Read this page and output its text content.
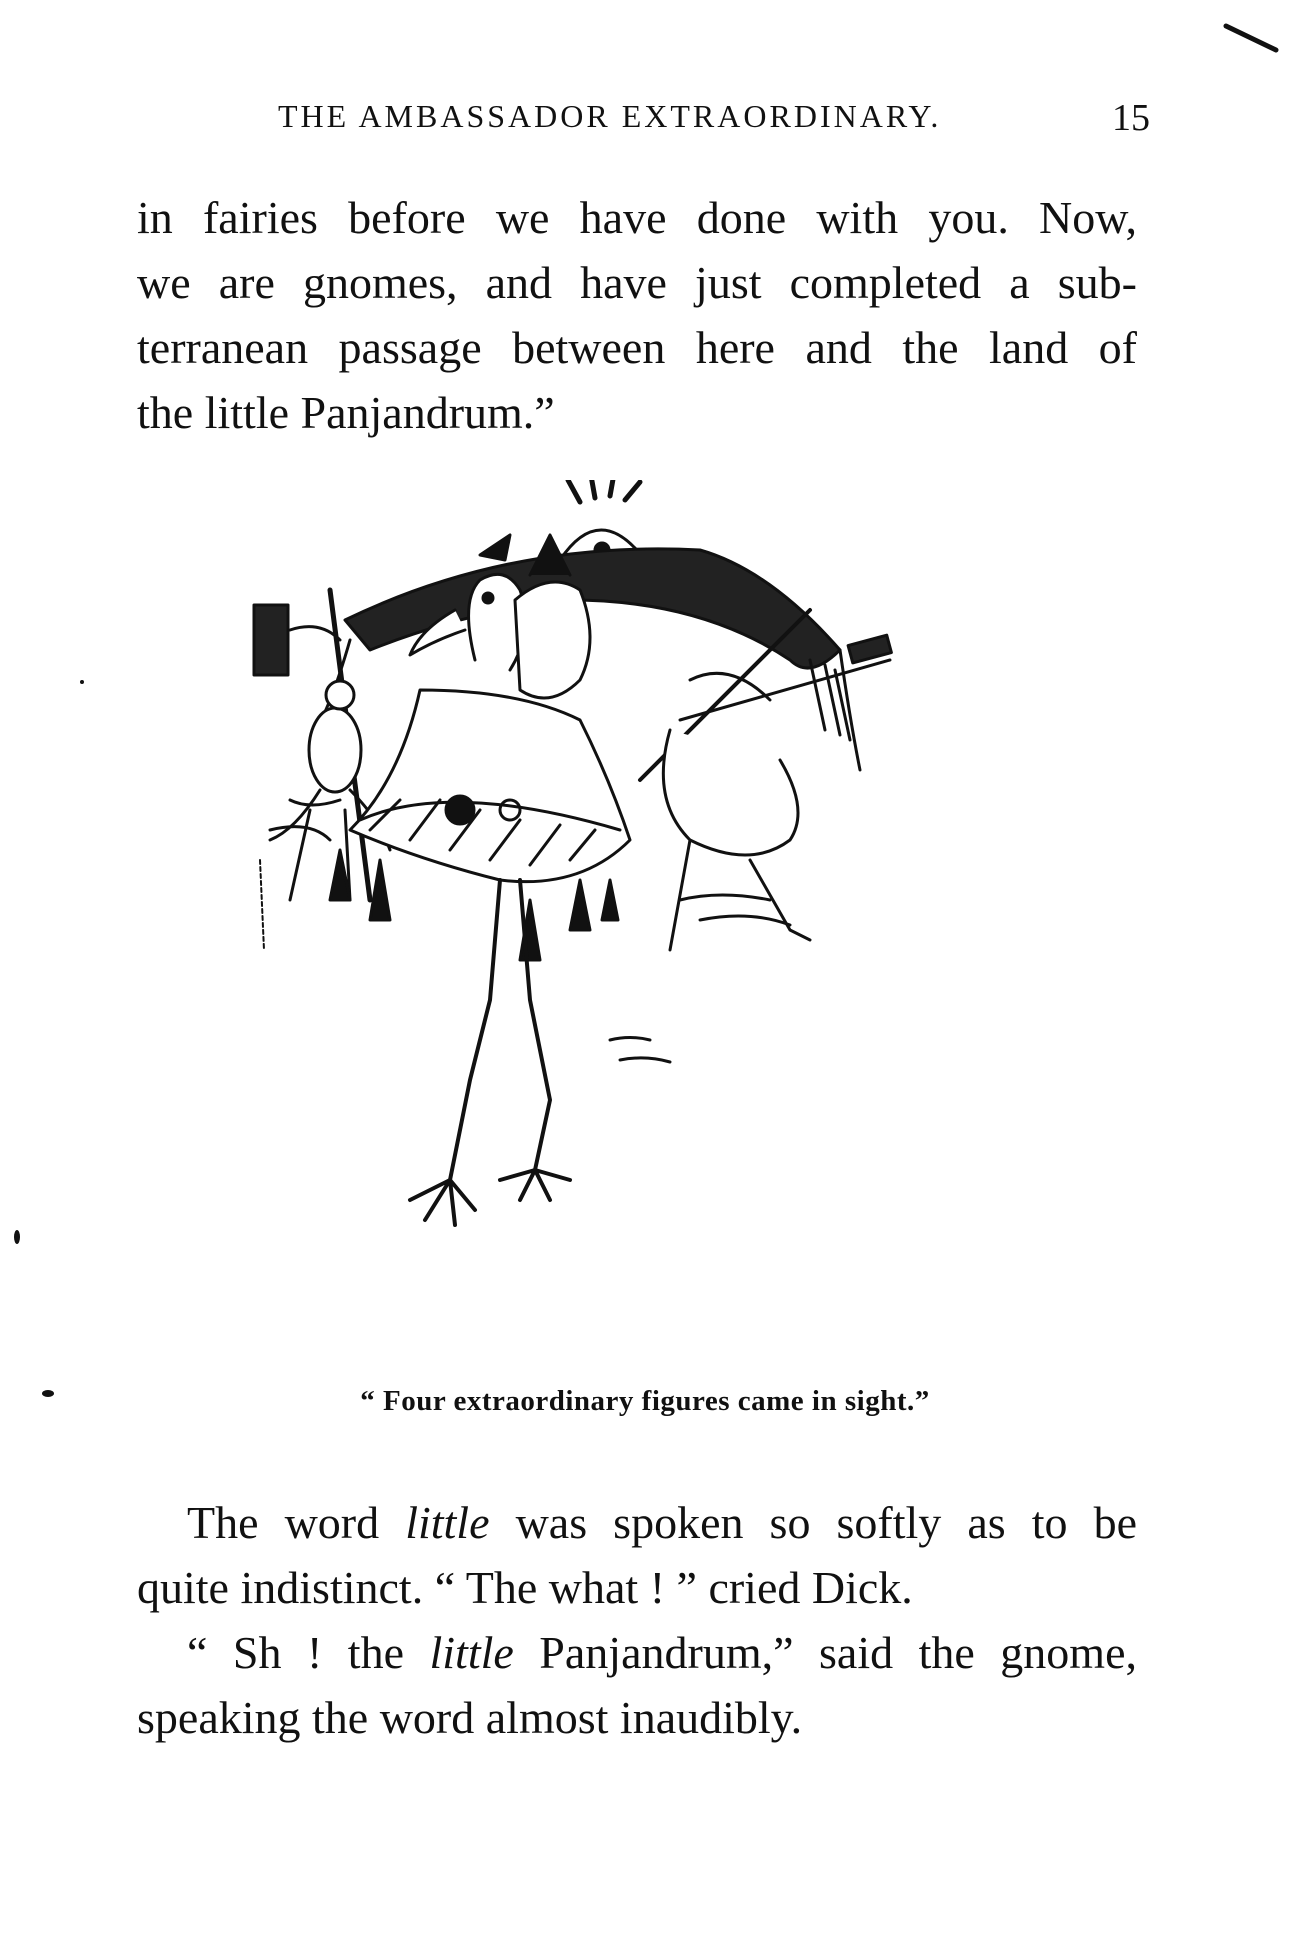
THE AMBASSADOR EXTRAORDINARY.	15

in fairies before we have done with you. Now,
we are gnomes, and have just completed a sub-
terranean passage between here and the land of
the little Panjandrum.”

“ Four extraordinary figures came in sight.”

The word little was spoken so softly as to be

quite indistinct. “ The what ! ” cried Dick.

“ Sh ! the little Panjandrum,” said the gnome,

speaking the word almost inaudibly.
